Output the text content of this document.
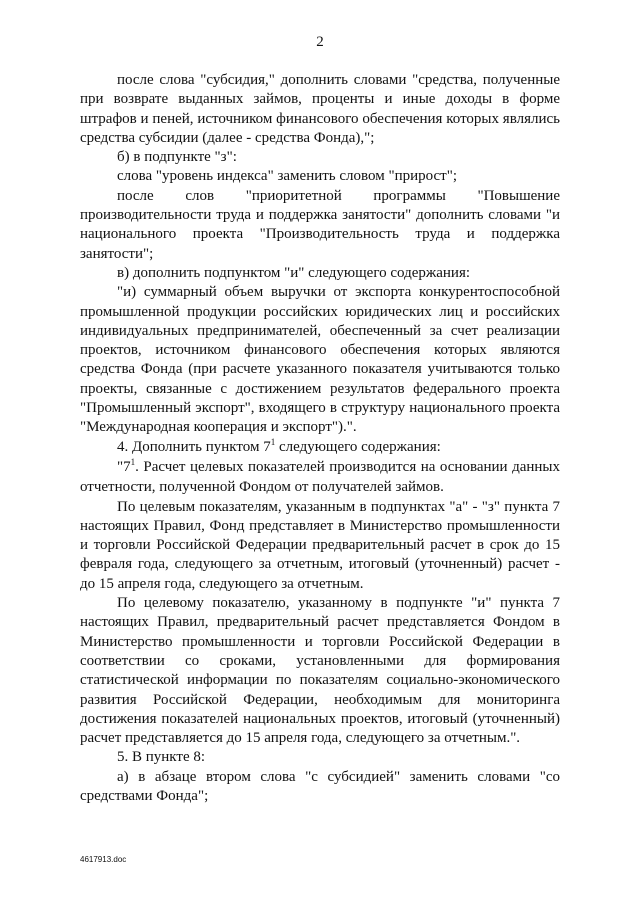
2

после слова "субсидия," дополнить словами "средства, полученные при возврате выданных займов, проценты и иные доходы в форме штрафов и пеней, источником финансового обеспечения которых являлись средства субсидии (далее - средства Фонда),";

б) в подпункте "з":

слова "уровень индекса" заменить словом "прирост";

после слов "приоритетной программы "Повышение производительности труда и поддержка занятости" дополнить словами "и национального проекта "Производительность труда и поддержка занятости";

в) дополнить подпунктом "и" следующего содержания:

"и) суммарный объем выручки от экспорта конкурентоспособной промышленной продукции российских юридических лиц и российских индивидуальных предпринимателей, обеспеченный за счет реализации проектов, источником финансового обеспечения которых являются средства Фонда (при расчете указанного показателя учитываются только проекты, связанные с достижением результатов федерального проекта "Промышленный экспорт", входящего в структуру национального проекта "Международная кооперация и экспорт").".

4. Дополнить пунктом $7^1$ следующего содержания:

"$7^1$. Расчет целевых показателей производится на основании данных отчетности, полученной Фондом от получателей займов.

По целевым показателям, указанным в подпунктах "а" - "з" пункта 7 настоящих Правил, Фонд представляет в Министерство промышленности и торговли Российской Федерации предварительный расчет в срок до 15 февраля года, следующего за отчетным, итоговый (уточненный) расчет - до 15 апреля года, следующего за отчетным.

По целевому показателю, указанному в подпункте "и" пункта 7 настоящих Правил, предварительный расчет представляется Фондом в Министерство промышленности и торговли Российской Федерации в соответствии со сроками, установленными для формирования статистической информации по показателям социально-экономического развития Российской Федерации, необходимым для мониторинга достижения показателей национальных проектов, итоговый (уточненный) расчет представляется до 15 апреля года, следующего за отчетным.".

5. В пункте 8:

а) в абзаце втором слова "с субсидией" заменить словами "со средствами Фонда";

4617913.doc
